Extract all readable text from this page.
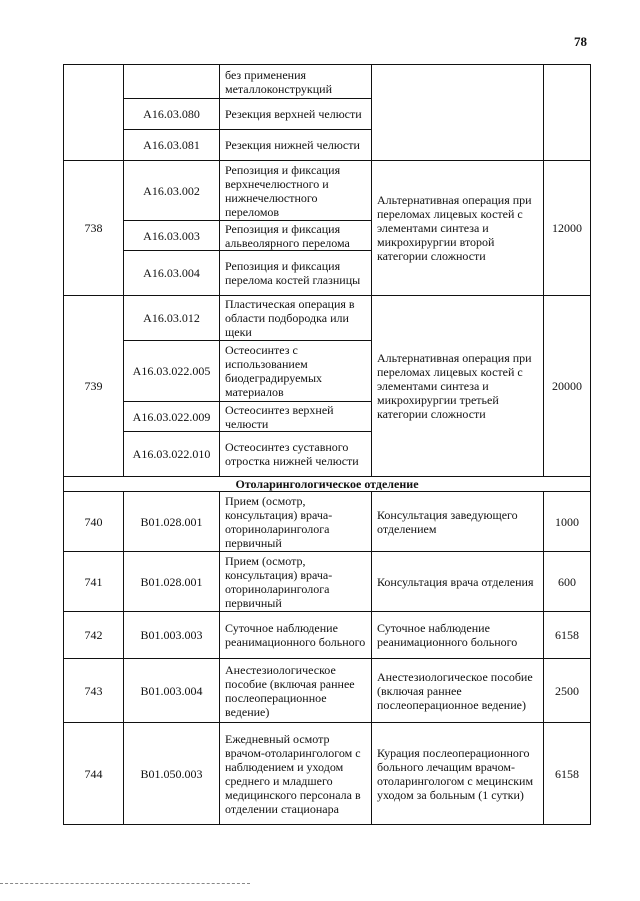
78
		без применения металлоконструкций		
	A16.03.080	Резекция верхней челюсти		
	A16.03.081	Резекция нижней челюсти		
738	A16.03.002	Репозиция и фиксация верхнечелюстного и нижнечелюстного переломов	Альтернативная операция при переломах лицевых костей с элементами синтеза и микрохирургии второй категории сложности	12000
	A16.03.003	Репозиция и фиксация альвеолярного перелома		
	A16.03.004	Репозиция и фиксация перелома костей глазницы		
739	A16.03.012	Пластическая операция в области подбородка или щеки	Альтернативная операция при переломах лицевых костей с элементами синтеза и микрохирургии третьей категории сложности	20000
	A16.03.022.005	Остеосинтез с использованием биодеградируемых материалов		
	A16.03.022.009	Остеосинтез верхней челюсти		
	A16.03.022.010	Остеосинтез суставного отростка нижней челюсти		
Отоларингологическое отделение				
740	B01.028.001	Прием (осмотр, консультация) врача-оториноларинголога первичный	Консультация заведующего отделением	1000
741	B01.028.001	Прием (осмотр, консультация) врача-оториноларинголога первичный	Консультация врача отделения	600
742	B01.003.003	Суточное наблюдение реанимационного больного	Суточное наблюдение реанимационного больного	6158
743	B01.003.004	Анестезиологическое пособие (включая раннее послеоперационное ведение)	Анестезиологическое пособие (включая раннее послеоперационное ведение)	2500
744	B01.050.003	Ежедневный осмотр врачом-отоларингологом с наблюдением и уходом среднего и младшего медицинского персонала в отделении стационара	Курация послеоперационного больного лечащим врачом-отоларингологом с мецинским уходом за больным (1 сутки)	6158
